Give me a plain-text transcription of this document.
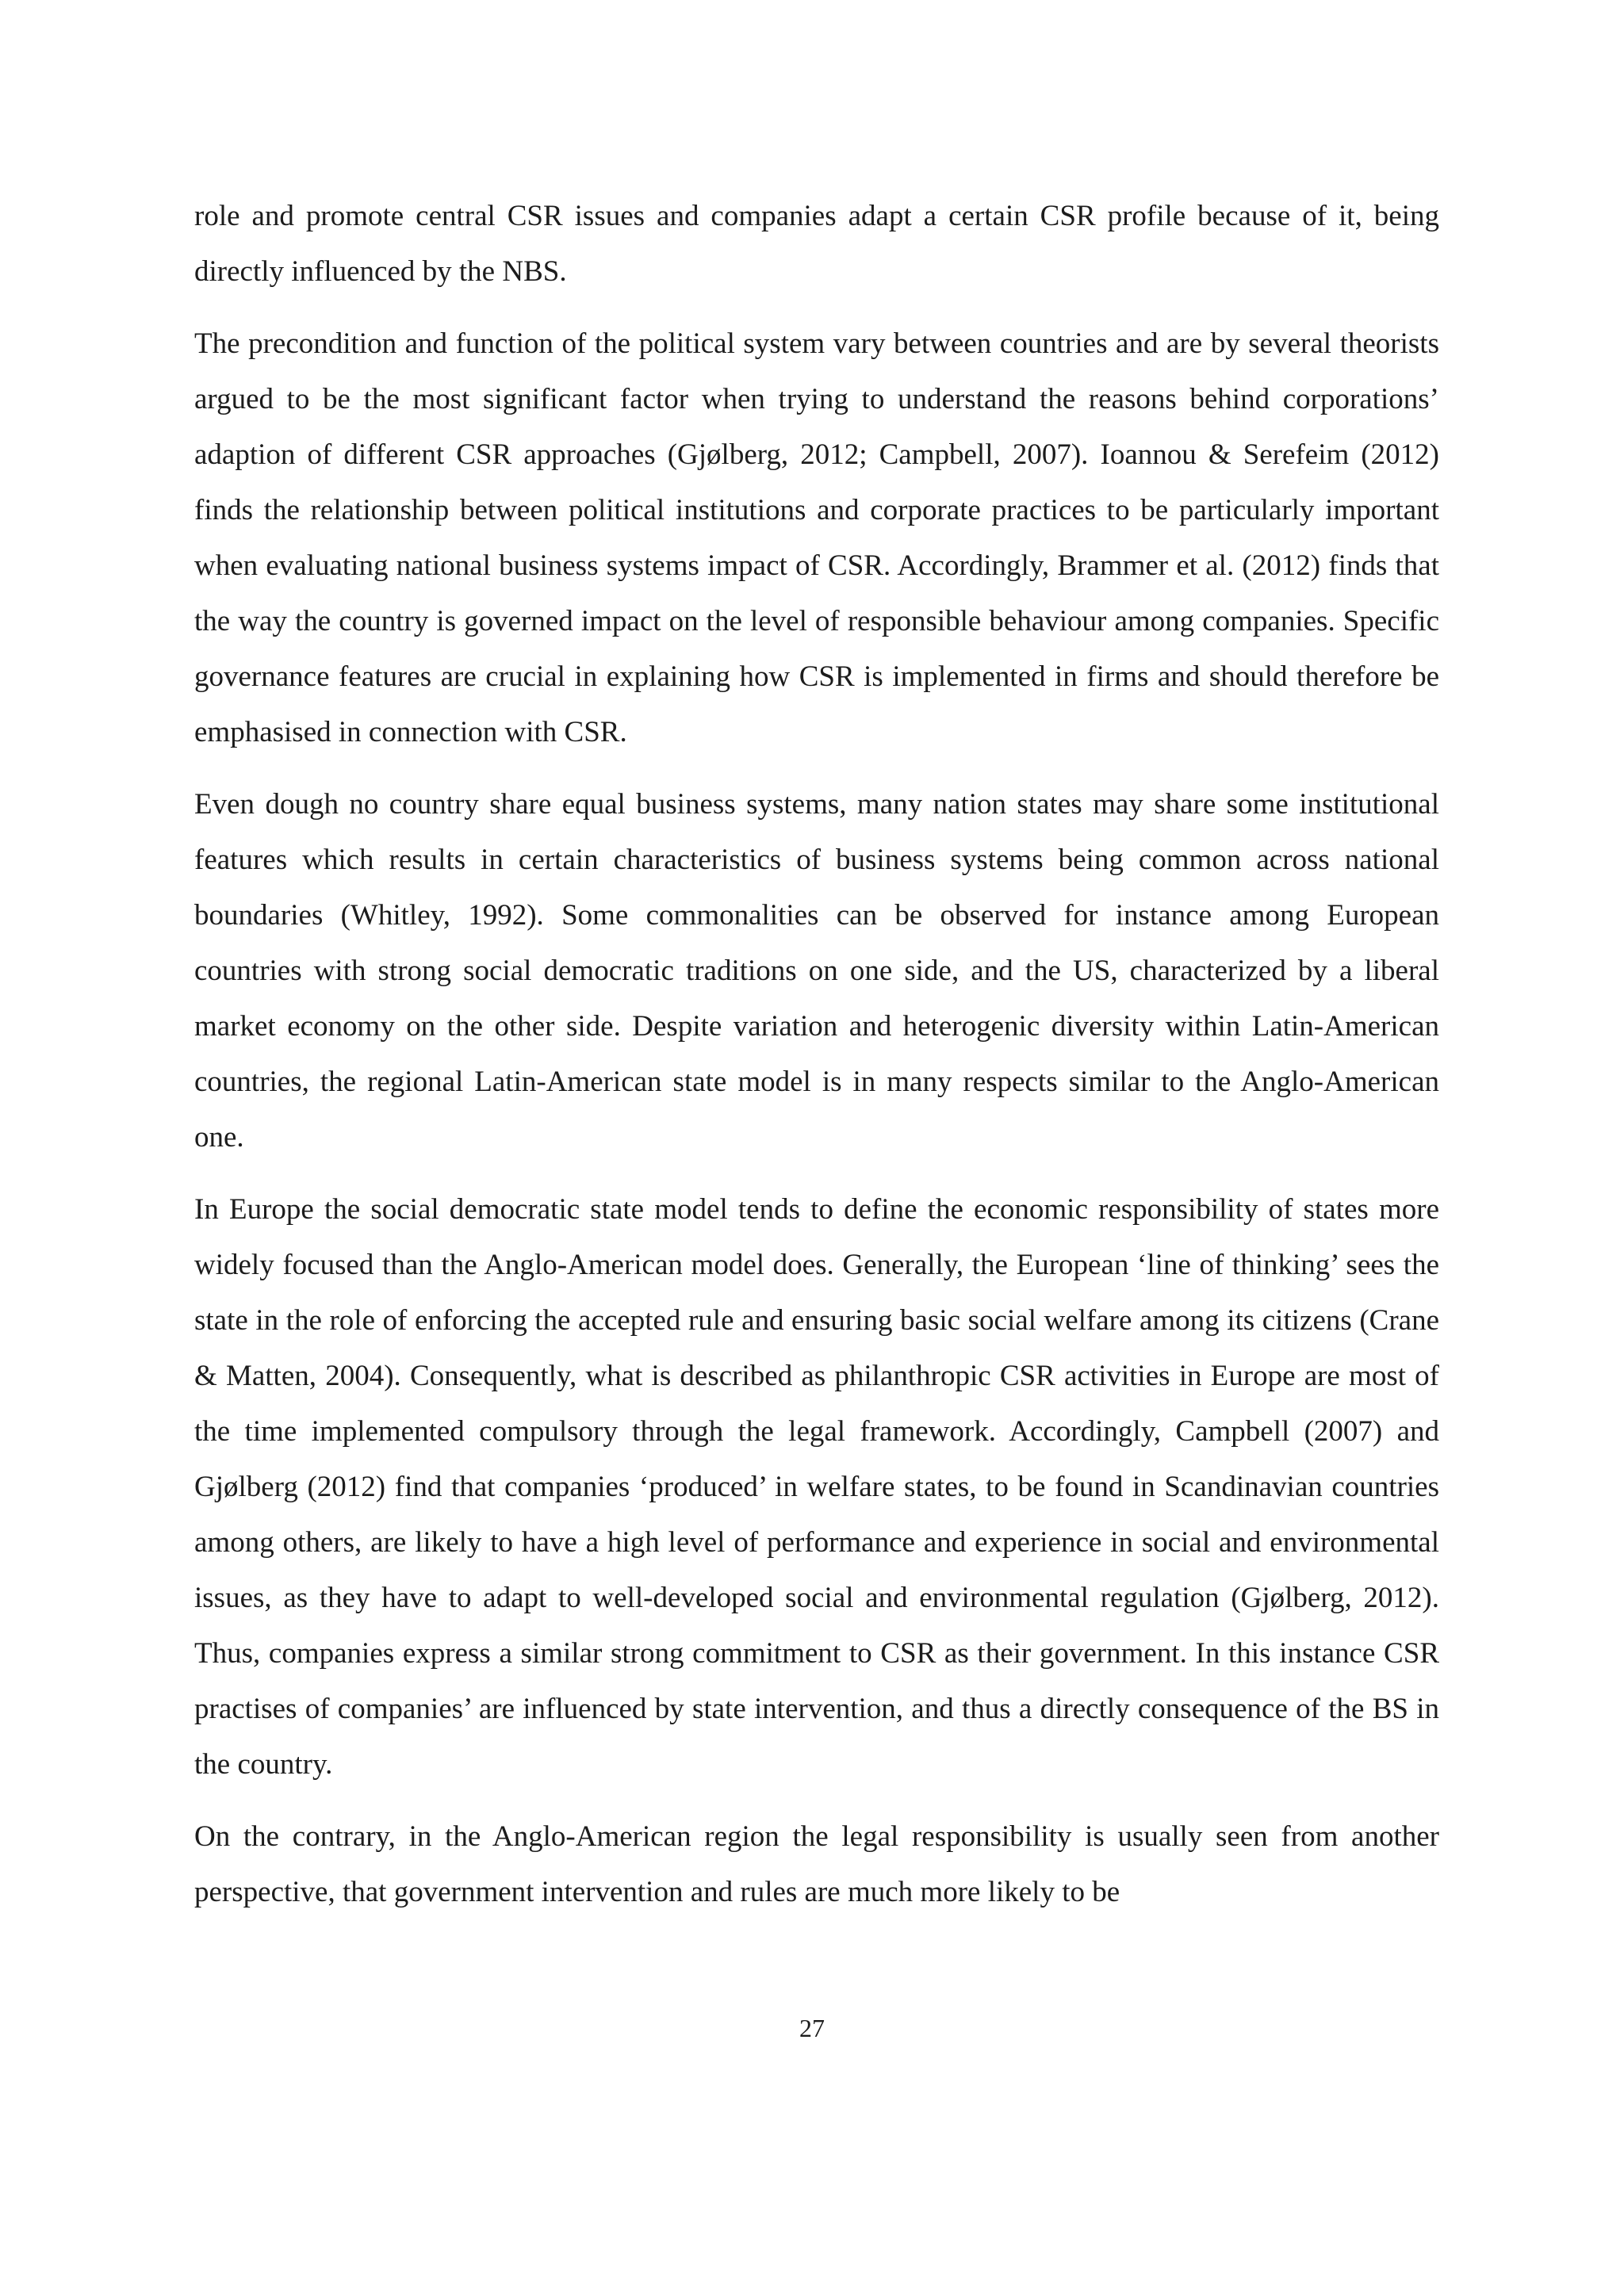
role and promote central CSR issues and companies adapt a certain CSR profile because of it, being directly influenced by the NBS.

The precondition and function of the political system vary between countries and are by several theorists argued to be the most significant factor when trying to understand the reasons behind corporations’ adaption of different CSR approaches (Gjølberg, 2012; Campbell, 2007). Ioannou & Serefeim (2012) finds the relationship between political institutions and corporate practices to be particularly important when evaluating national business systems impact of CSR. Accordingly, Brammer et al. (2012) finds that the way the country is governed impact on the level of responsible behaviour among companies. Specific governance features are crucial in explaining how CSR is implemented in firms and should therefore be emphasised in connection with CSR.

Even dough no country share equal business systems, many nation states may share some institutional features which results in certain characteristics of business systems being common across national boundaries (Whitley, 1992). Some commonalities can be observed for instance among European countries with strong social democratic traditions on one side, and the US, characterized by a liberal market economy on the other side. Despite variation and heterogenic diversity within Latin-American countries, the regional Latin-American state model is in many respects similar to the Anglo-American one.

In Europe the social democratic state model tends to define the economic responsibility of states more widely focused than the Anglo-American model does. Generally, the European ‘line of thinking’ sees the state in the role of enforcing the accepted rule and ensuring basic social welfare among its citizens (Crane & Matten, 2004). Consequently, what is described as philanthropic CSR activities in Europe are most of the time implemented compulsory through the legal framework. Accordingly, Campbell (2007) and Gjølberg (2012) find that companies ‘produced’ in welfare states, to be found in Scandinavian countries among others, are likely to have a high level of performance and experience in social and environmental issues, as they have to adapt to well-developed social and environmental regulation (Gjølberg, 2012). Thus, companies express a similar strong commitment to CSR as their government. In this instance CSR practises of companies’ are influenced by state intervention, and thus a directly consequence of the BS in the country.

On the contrary, in the Anglo-American region the legal responsibility is usually seen from another perspective, that government intervention and rules are much more likely to be

27
